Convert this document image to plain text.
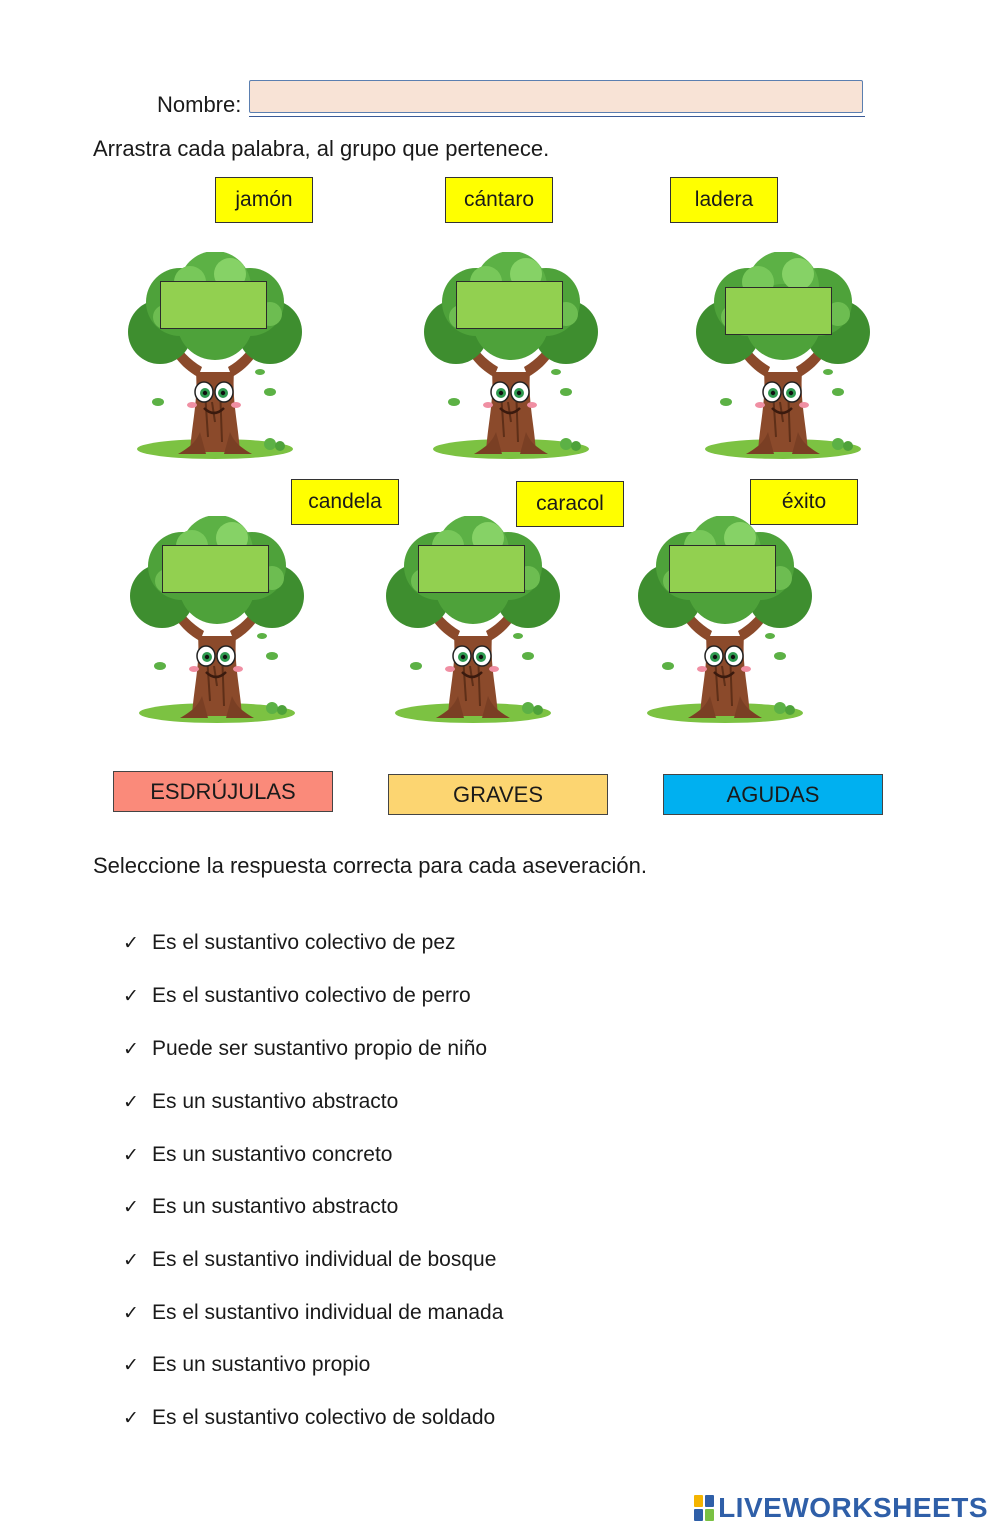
Nombre:
Arrastra cada palabra, al grupo que pertenece.
jamón	cántaro	ladera
candela	caracol	éxito
ESDRÚJULAS	GRAVES	AGUDAS
Seleccione la respuesta correcta para cada aseveración.
✓ Es el sustantivo colectivo de pez
✓ Es el sustantivo colectivo de perro
✓ Puede ser sustantivo propio de niño
✓ Es un sustantivo abstracto
✓ Es un sustantivo concreto
✓ Es un sustantivo abstracto
✓ Es el sustantivo individual de bosque
✓ Es el sustantivo individual de manada
✓ Es un sustantivo propio
✓ Es el sustantivo colectivo de soldado
LIVEWORKSHEETS
